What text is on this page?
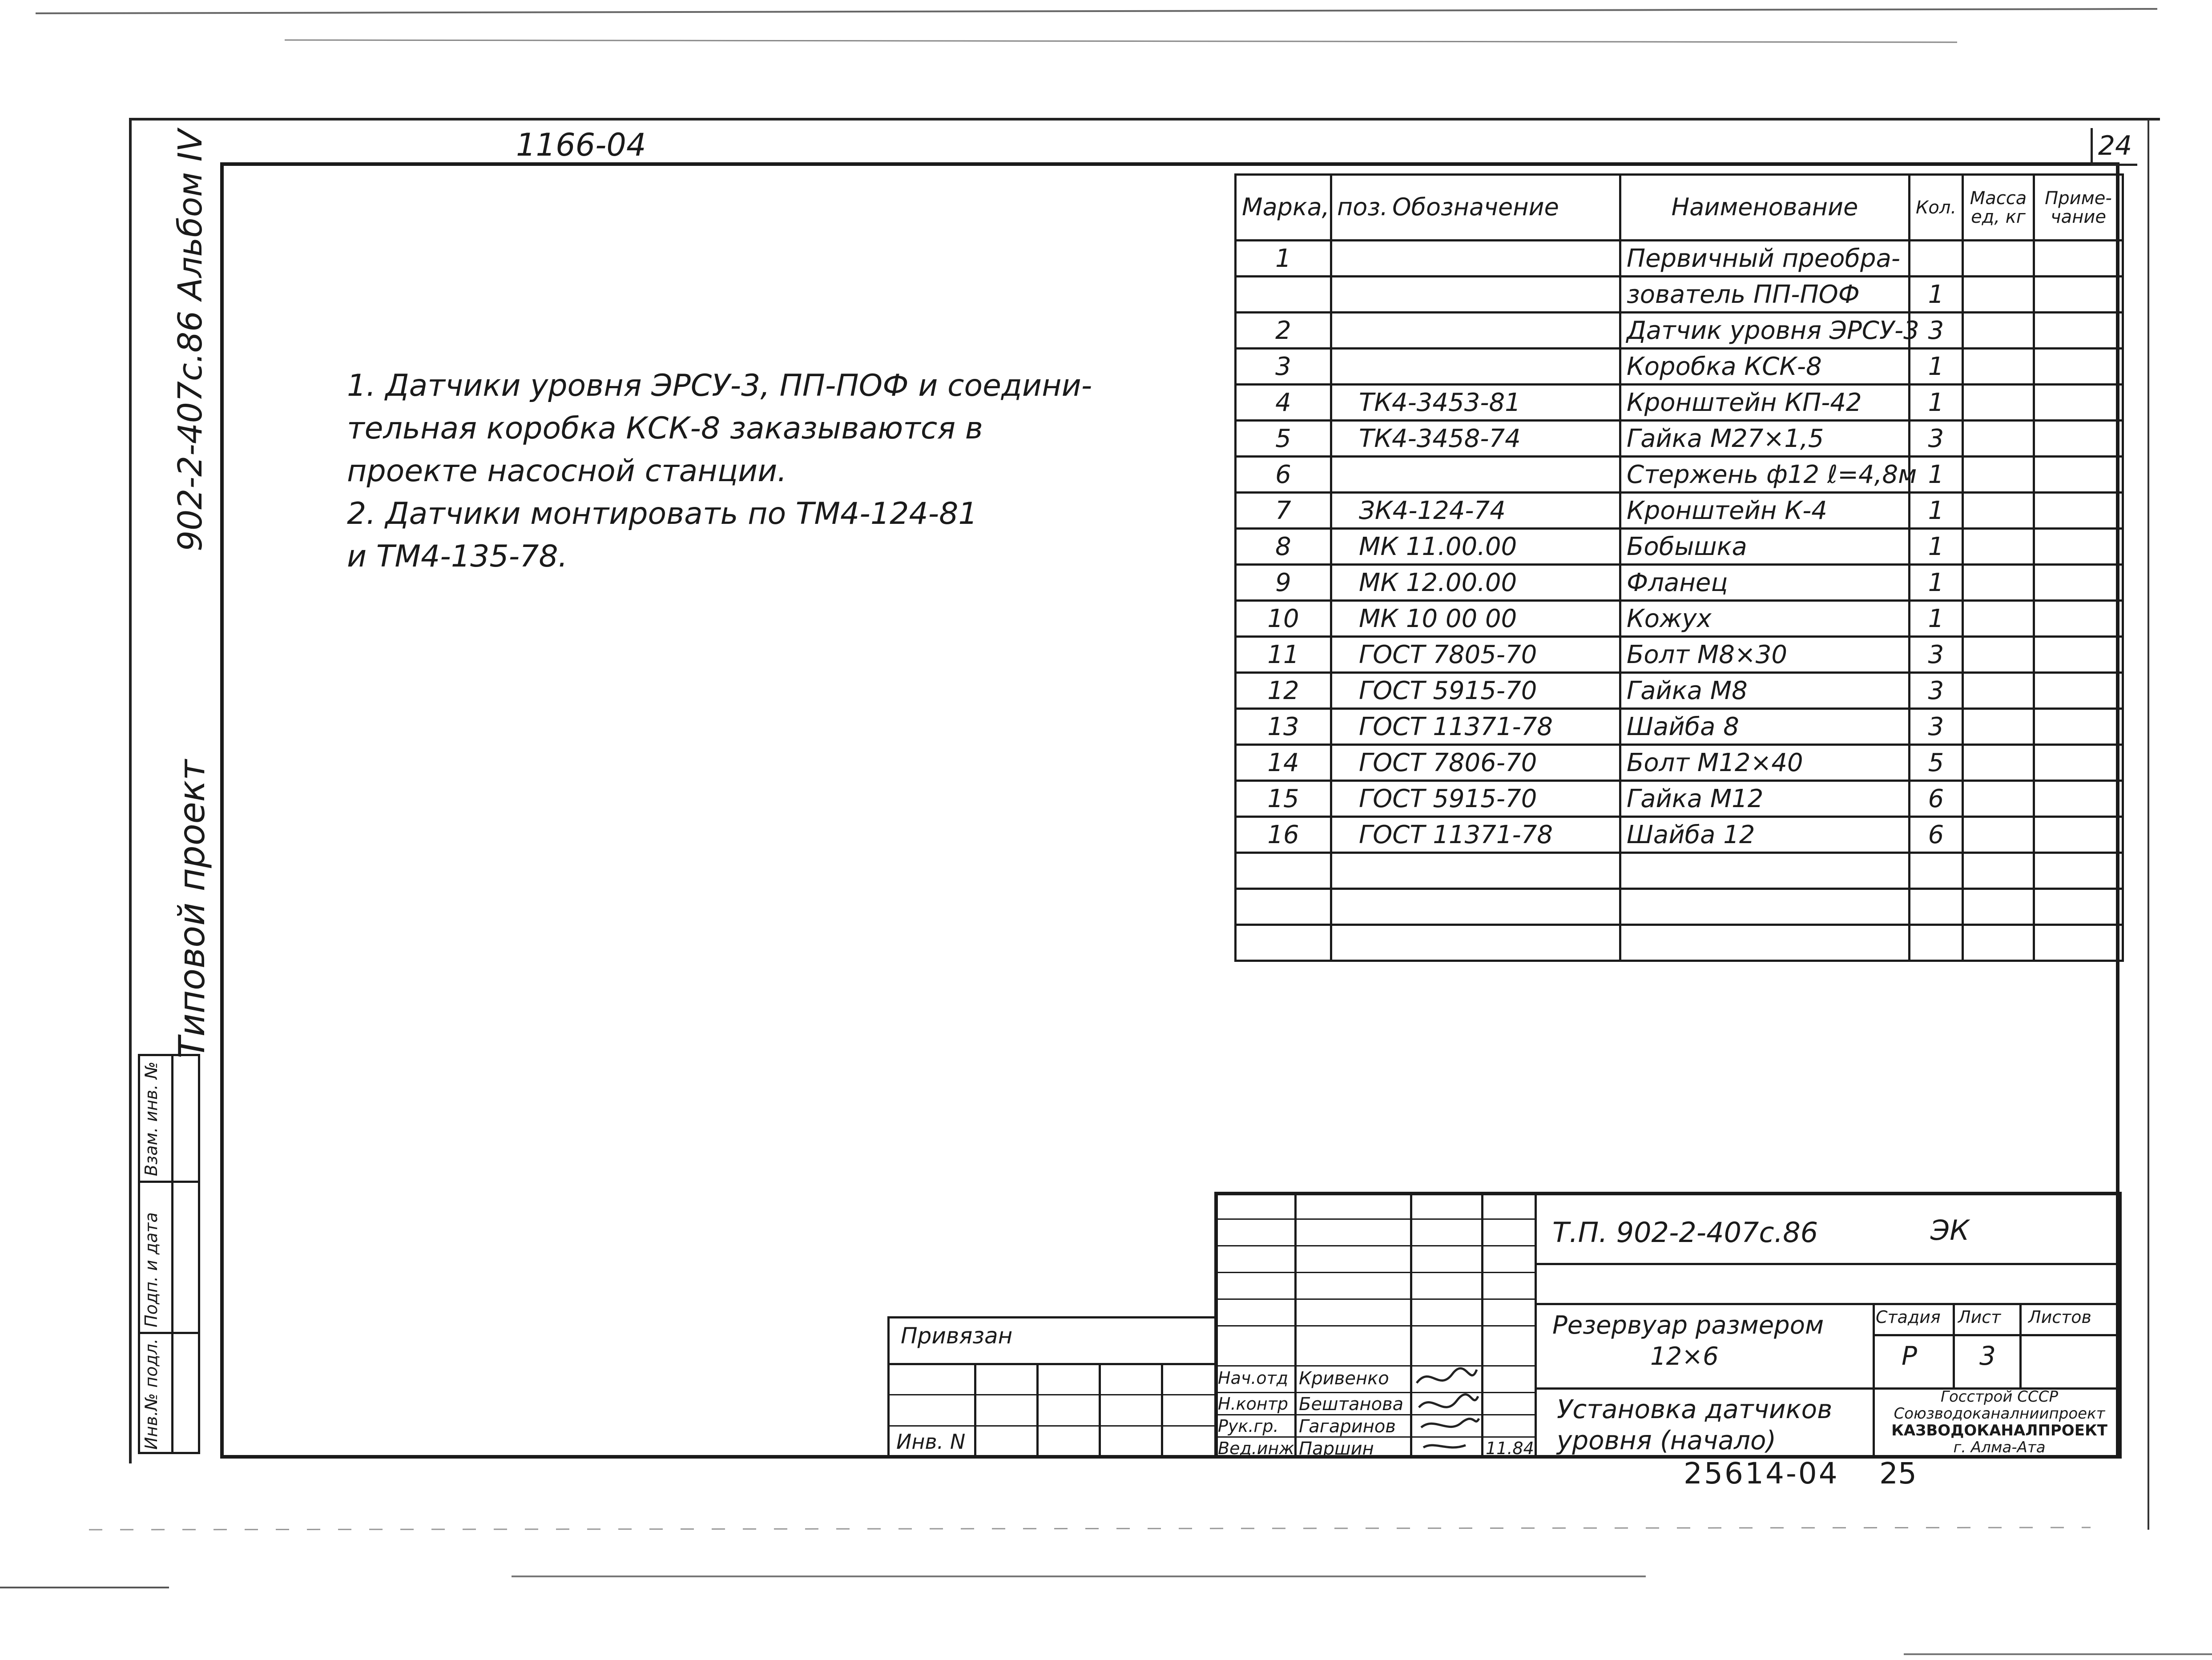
1166-04	24
902-2-407с.86 Альбом IV
Типовой проект
Инв.№ подл.
Подп. и дата
Взам. инв. №
1. Датчики уровня ЭРСУ-3, ПП-ПОФ и соедини-
тельная коробка КСК-8 заказываются в
проекте насосной станции.
2. Датчики монтировать по ТМ4-124-81
и ТМ4-135-78.
Марка, поз.	Обозначение	Наименование	Кол.	Масса ед, кг	Приме-чание
1		Первичный преобра-			
		зователь ПП-ПОФ	1		
2		Датчик уровня ЭРСУ-3	3		
3		Коробка КСК-8	1		
4	ТК4-3453-81	Кронштейн КП-42	1		
5	ТК4-3458-74	Гайка М27×1,5	3		
6		Стержень ф12 ℓ=4,8м	1		
7	ЗК4-124-74	Кронштейн К-4	1		
8	МК 11.00.00	Бобышка	1		
9	МК 12.00.00	Фланец	1		
10	МК 10 00 00	Кожух	1		
11	ГОСТ 7805-70	Болт М8×30	3		
12	ГОСТ 5915-70	Гайка М8	3		
13	ГОСТ 11371-78	Шайба 8	3		
14	ГОСТ 7806-70	Болт М12×40	5		
15	ГОСТ 5915-70	Гайка М12	6		
16	ГОСТ 11371-78	Шайба 12	6		

Т.П. 902-2-407с.86	ЭК
Резервуар размером
12×6
Установка датчиков
уровня (начало)
Стадия Лист Листов
Р 3
Госстрой СССР
Союзводоканалниипроект
КАЗВОДОКАНАЛПРОЕКТ
г. Алма-Ата
Нач.отд Кривенко
Н.контр Бештанова
Рук.гр. Гагаринов
Вед.инж Паршин	11.84
Привязан
Инв. N
25614-04 25
